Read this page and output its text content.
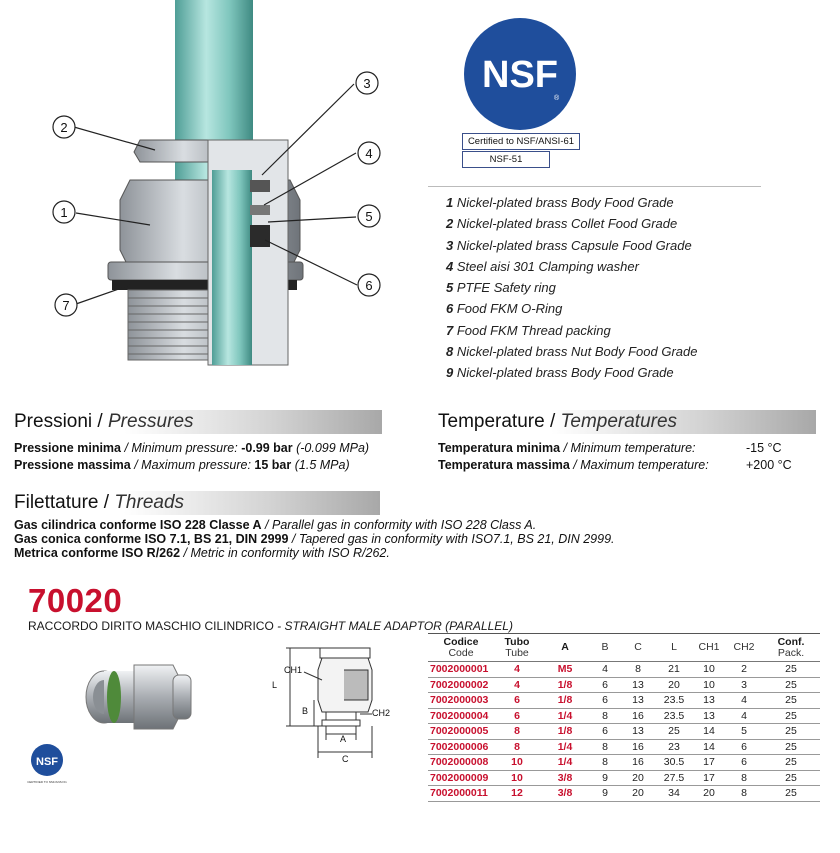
2
1
3
4
5
6
7
NSF
®
Certified to NSF/ANSI-61
NSF-51
1 Nickel-plated brass Body Food Grade
2 Nickel-plated brass Collet Food Grade
3 Nickel-plated brass Capsule Food Grade
4 Steel aisi 301 Clamping washer
5 PTFE Safety ring
6 Food FKM O-Ring
7 Food FKM Thread packing
8 Nickel-plated brass Nut Body Food Grade
9 Nickel-plated brass Body Food Grade
Pressioni / Pressures
Pressione minima / Minimum pressure: -0.99 bar (-0.099 MPa)
Pressione massima / Maximum pressure: 15 bar (1.5 MPa)
Temperature / Temperatures
Temperatura minima / Minimum temperature:	-15 °C
Temperatura massima / Maximum temperature:	+200 °C
Filettature / Threads
Gas cilindrica conforme ISO 228 Classe A / Parallel gas in conformity with ISO 228 Class A.
Gas conica conforme ISO 7.1, BS 21, DIN 2999 / Tapered gas in conformity with ISO7.1, BS 21, DIN 2999.
Metrica conforme ISO R/262 / Metric in conformity with ISO R/262.
70020
RACCORDO DIRITO MASCHIO CILINDRICO - STRAIGHT MALE ADAPTOR (PARALLEL)
NSF
CERTIFIED TO NSF/ANSI 61
CH1
CH2
L
B
A
C
Codice
Code	Tubo
Tube	A	B	C	L	CH1	CH2	Conf.
Pack.

7002000001	4	M5	4	8	21	10	2	25
7002000002	4	1/8	6	13	20	10	3	25
7002000003	6	1/8	6	13	23.5	13	4	25
7002000004	6	1/4	8	16	23.5	13	4	25
7002000005	8	1/8	6	13	25	14	5	25
7002000006	8	1/4	8	16	23	14	6	25
7002000008	10	1/4	8	16	30.5	17	6	25
7002000009	10	3/8	9	20	27.5	17	8	25
7002000011	12	3/8	9	20	34	20	8	25
